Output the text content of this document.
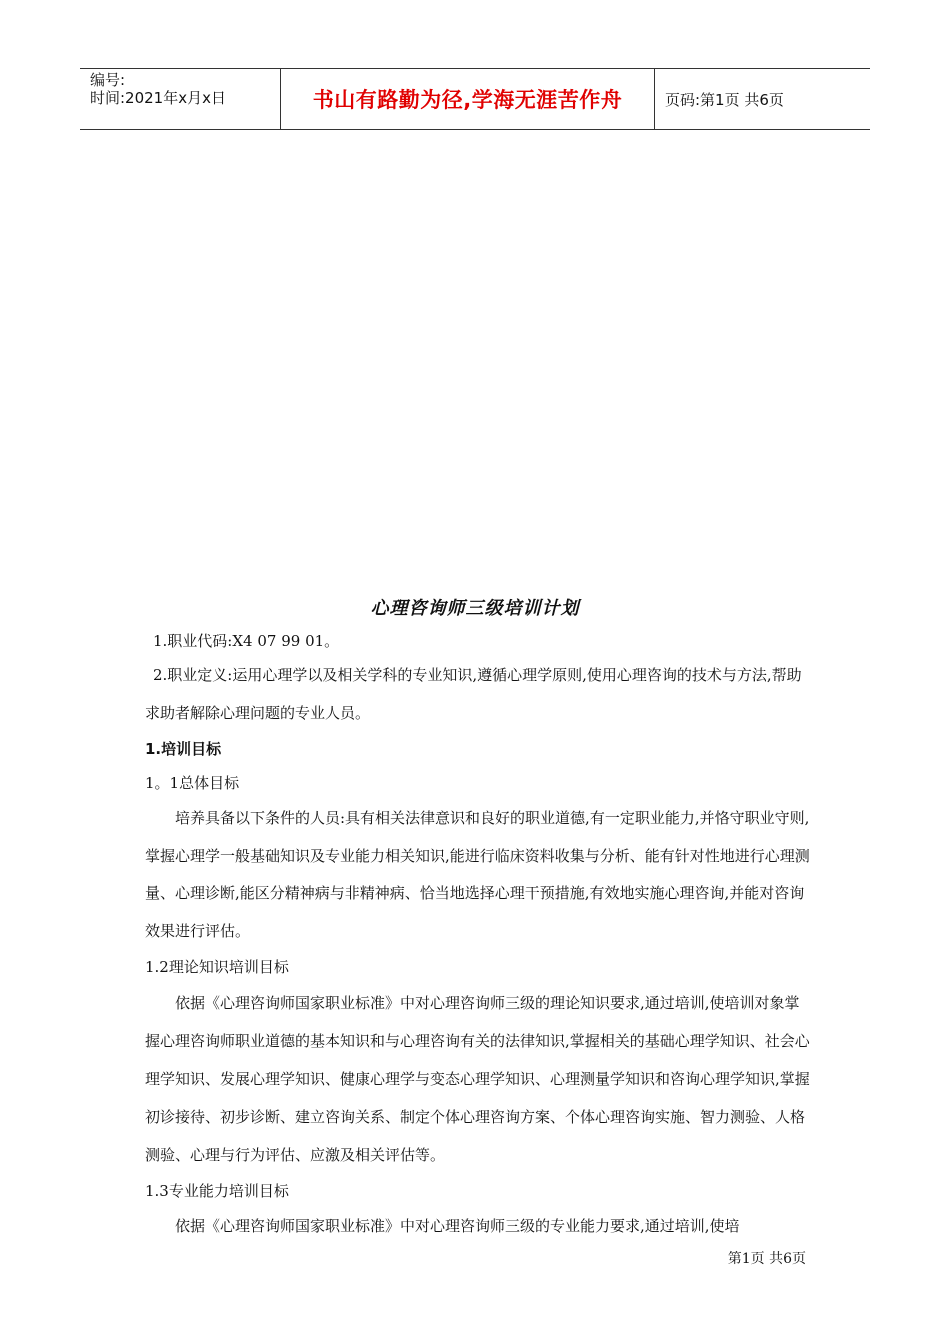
编号:
时间:2021年x月x日	书山有路勤为径,学海无涯苦作舟	页码:第1页 共6页
心理咨询师三级培训计划

1.职业代码:X4 07 99 01。

2.职业定义:运用心理学以及相关学科的专业知识,遵循心理学原则,使用心理咨询的技术与方法,帮助求助者解除心理问题的专业人员。

1.培训目标

1。1总体目标

培养具备以下条件的人员:具有相关法律意识和良好的职业道德,有一定职业能力,并恪守职业守则,掌握心理学一般基础知识及专业能力相关知识,能进行临床资料收集与分析、能有针对性地进行心理测量、心理诊断,能区分精神病与非精神病、恰当地选择心理干预措施,有效地实施心理咨询,并能对咨询效果进行评估。

1.2理论知识培训目标

依据《心理咨询师国家职业标准》中对心理咨询师三级的理论知识要求,通过培训,使培训对象掌握心理咨询师职业道德的基本知识和与心理咨询有关的法律知识,掌握相关的基础心理学知识、社会心理学知识、发展心理学知识、健康心理学与变态心理学知识、心理测量学知识和咨询心理学知识,掌握初诊接待、初步诊断、建立咨询关系、制定个体心理咨询方案、个体心理咨询实施、智力测验、人格测验、心理与行为评估、应激及相关评估等。

1.3专业能力培训目标

依据《心理咨询师国家职业标准》中对心理咨询师三级的专业能力要求,通过培训,使培

第1页 共6页
